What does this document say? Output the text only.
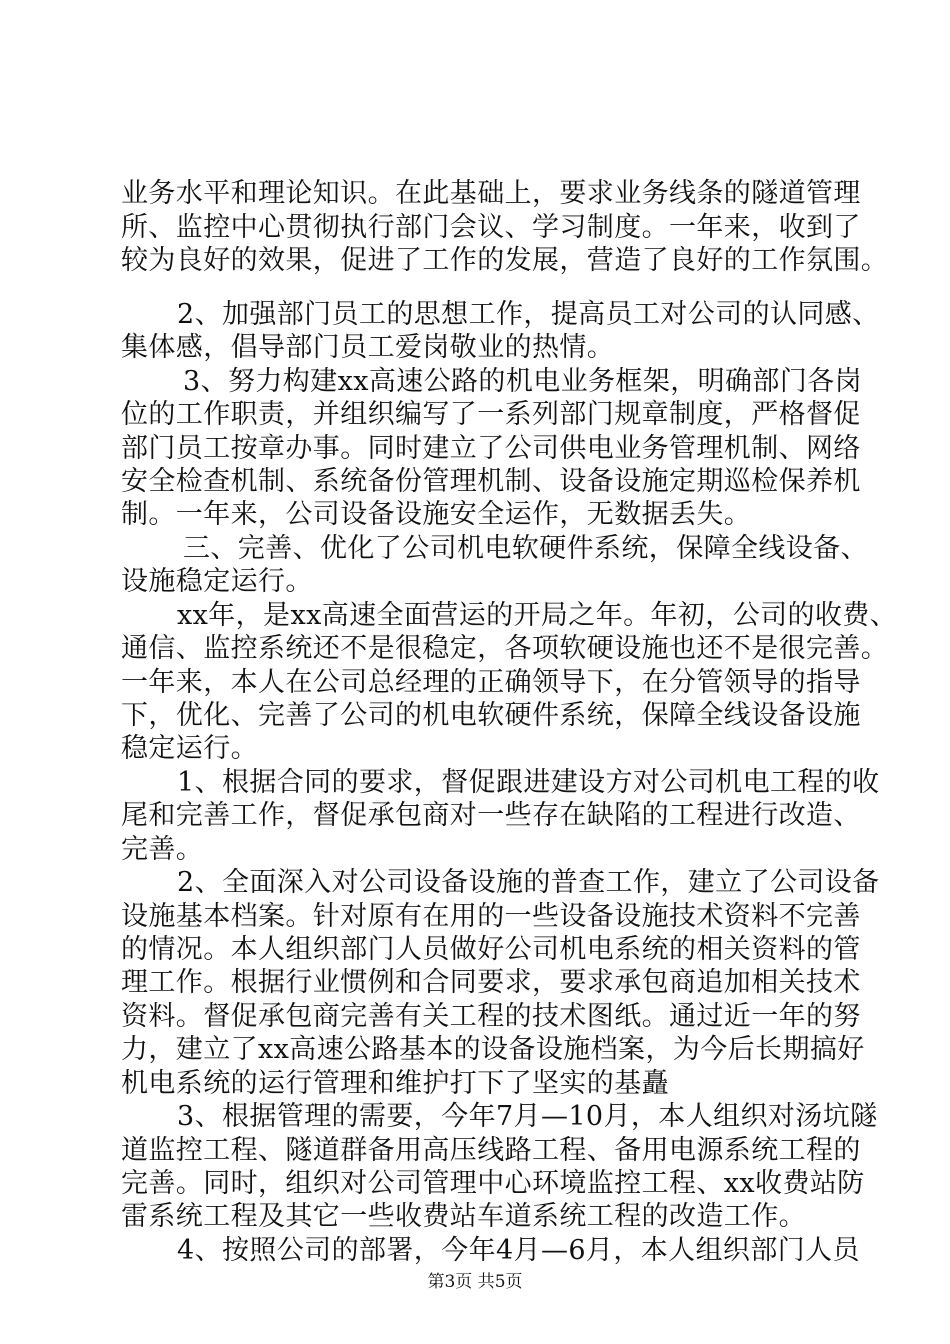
业务水平和理论知识。在此基础上，要求业务线条的隧道管理
所、监控中心贯彻执行部门会议、学习制度。一年来，收到了
较为良好的效果，促进了工作的发展，营造了良好的工作氛围。
2、加强部门员工的思想工作，提高员工对公司的认同感、
集体感，倡导部门员工爱岗敬业的热情。
3、努力构建xx高速公路的机电业务框架，明确部门各岗
位的工作职责，并组织编写了一系列部门规章制度，严格督促
部门员工按章办事。同时建立了公司供电业务管理机制、网络
安全检查机制、系统备份管理机制、设备设施定期巡检保养机
制。一年来，公司设备设施安全运作，无数据丢失。
三、完善、优化了公司机电软硬件系统，保障全线设备、
设施稳定运行。
xx年，是xx高速全面营运的开局之年。年初，公司的收费、
通信、监控系统还不是很稳定，各项软硬设施也还不是很完善。
一年来，本人在公司总经理的正确领导下，在分管领导的指导
下，优化、完善了公司的机电软硬件系统，保障全线设备设施
稳定运行。
1、根据合同的要求，督促跟进建设方对公司机电工程的收
尾和完善工作，督促承包商对一些存在缺陷的工程进行改造、
完善。
2、全面深入对公司设备设施的普查工作，建立了公司设备
设施基本档案。针对原有在用的一些设备设施技术资料不完善
的情况。本人组织部门人员做好公司机电系统的相关资料的管
理工作。根据行业惯例和合同要求，要求承包商追加相关技术
资料。督促承包商完善有关工程的技术图纸。通过近一年的努
力，建立了xx高速公路基本的设备设施档案，为今后长期搞好
机电系统的运行管理和维护打下了坚实的基矗
3、根据管理的需要，今年7月—10月，本人组织对汤坑隧
道监控工程、隧道群备用高压线路工程、备用电源系统工程的
完善。同时，组织对公司管理中心环境监控工程、xx收费站防
雷系统工程及其它一些收费站车道系统工程的改造工作。
4、按照公司的部署，今年4月—6月，本人组织部门人员
第3页 共5页
